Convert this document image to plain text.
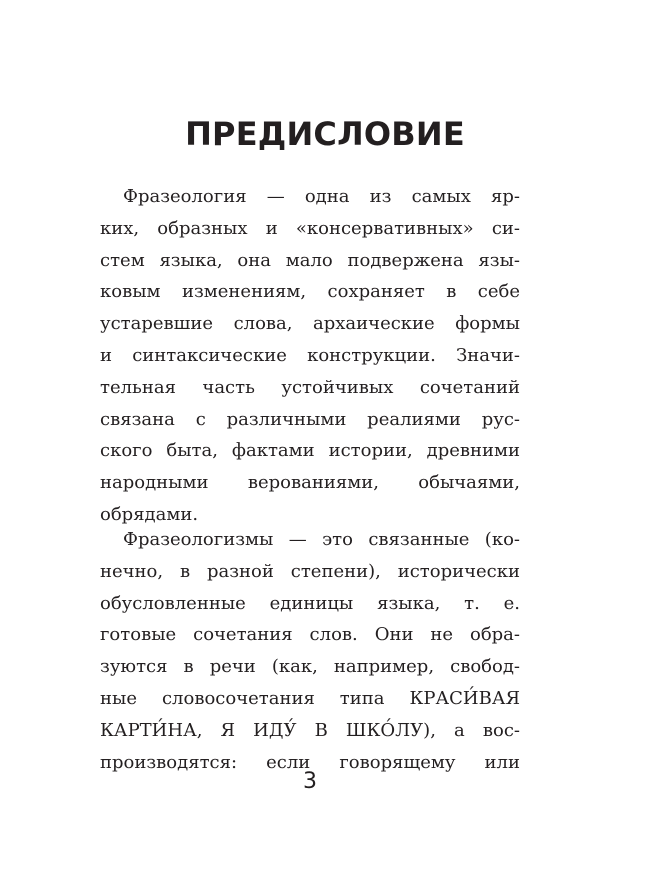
ПРЕДИСЛОВИЕ
Фразеология — одна из самых яр-
ких, образных и «консервативных» си-
стем языка, она мало подвержена язы-
ковым изменениям, сохраняет в себе
устаревшие слова, архаические формы
и синтаксические конструкции. Значи-
тельная часть устойчивых сочетаний
связана с различными реалиями рус-
ского быта, фактами истории, древними
народными верованиями, обычаями,
обрядами.
Фразеологизмы — это связанные (ко-
нечно, в разной степени), исторически
обусловленные единицы языка, т. е.
готовые сочетания слов. Они не обра-
зуются в речи (как, например, свобод-
ные словосочетания типа КРАСИ́ВАЯ
КАРТИ́НА, Я ИДУ́ В ШКО́ЛУ), а вос-
производятся: если говорящему или
3
